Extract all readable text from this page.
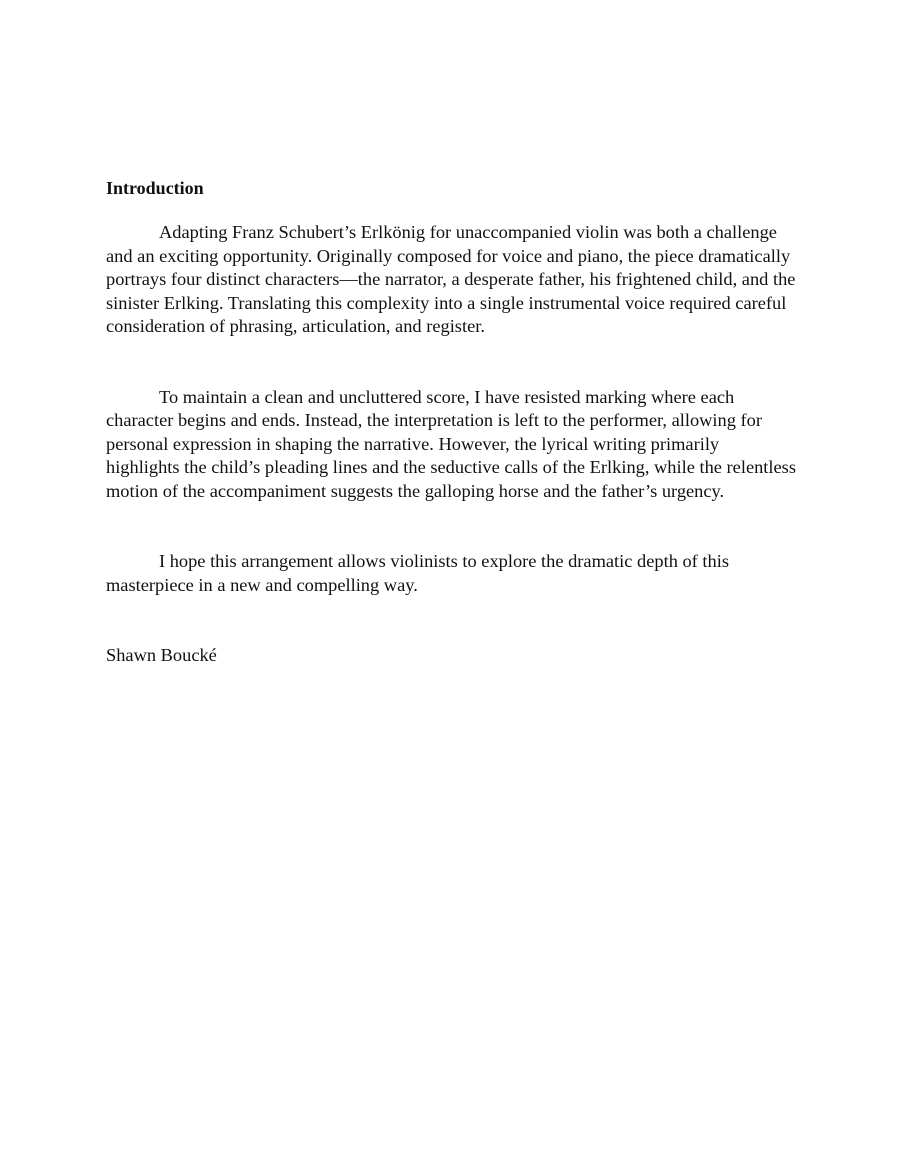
Introduction

Adapting Franz Schubert’s Erlkönig for unaccompanied violin was both a challenge and an exciting opportunity. Originally composed for voice and piano, the piece dramatically portrays four distinct characters—the narrator, a desperate father, his frightened child, and the sinister Erlking. Translating this complexity into a single instrumental voice required careful consideration of phrasing, articulation, and register.

To maintain a clean and uncluttered score, I have resisted marking where each character begins and ends. Instead, the interpretation is left to the performer, allowing for personal expression in shaping the narrative. However, the lyrical writing primarily highlights the child’s pleading lines and the seductive calls of the Erlking, while the relentless motion of the accompaniment suggests the galloping horse and the father’s urgency.

I hope this arrangement allows violinists to explore the dramatic depth of this masterpiece in a new and compelling way.

Shawn Boucké
